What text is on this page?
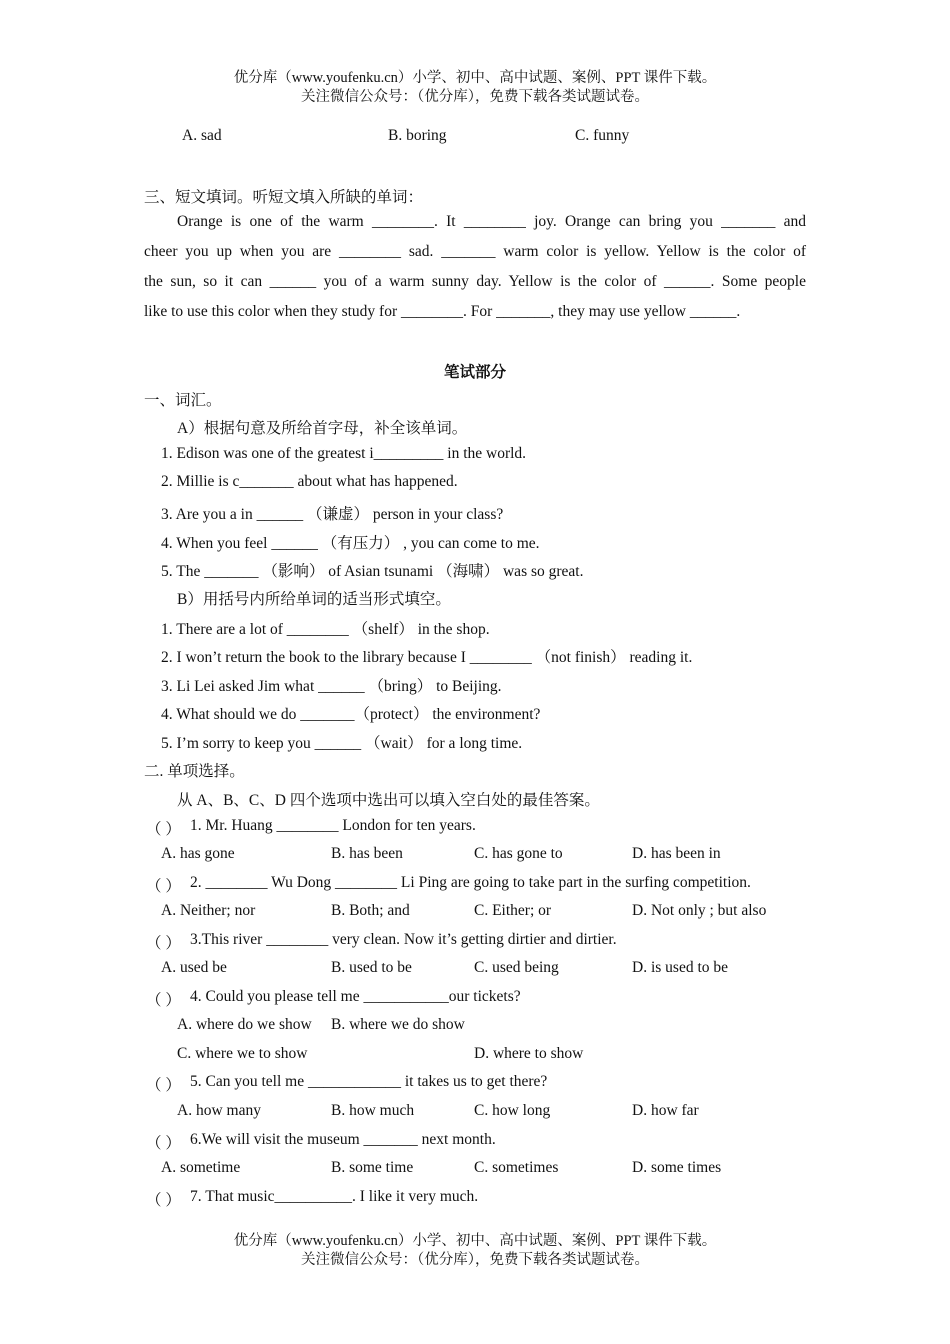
优分库（www.youfenku.cn）小学、初中、高中试题、案例、PPT 课件下载。
关注微信公众号：（优分库），免费下载各类试题试卷。
A. sad	B. boring	C. funny
三、短文填词。听短文填入所缺的单词：
Orange is one of the warm ________. It ________ joy. Orange can bring you _______ and
cheer you up when you are ________ sad. _______ warm color is yellow. Yellow is the color of
the sun, so it can ______ you of a warm sunny day. Yellow is the color of ______. Some people
like to use this color when they study for ________. For _______, they may use yellow ______.
笔试部分
一、词汇。
A）根据句意及所给首字母，补全该单词。
1. Edison was one of the greatest i_________ in the world.
2. Millie is c_______ about what has happened.
3. Are you a in ______ （谦虚） person in your class?
4. When you feel ______ （有压力） , you can come to me.
5. The _______ （影响） of Asian tsunami （海啸） was so great.
B）用括号内所给单词的适当形式填空。
1. There are a lot of ________ （shelf） in the shop.
2. I won’t return the book to the library because I ________ （not finish） reading it.
3. Li Lei asked Jim what ______ （bring） to Beijing.
4. What should we do _______（protect） the environment?
5. I’m sorry to keep you ______ （wait） for a long time.
二. 单项选择。
从 A、B、C、D 四个选项中选出可以填入空白处的最佳答案。
（ ） 1. Mr. Huang ________ London for ten years.
A. has gone	B. has been	C. has gone to	D. has been in
（ ） 2. ________ Wu Dong ________ Li Ping are going to take part in the surfing competition.
A. Neither; nor	B. Both; and	C. Either; or	D. Not only ; but also
（ ） 3.This river ________ very clean. Now it’s getting dirtier and dirtier.
A. used be	B. used to be	C. used being	D. is used to be
（ ） 4. Could you please tell me ___________our tickets?
A. where do we show B. where we do show
C. where we to show	D. where to show
（ ） 5. Can you tell me ____________ it takes us to get there?
A. how many	B. how much	C. how long	D. how far
（ ） 6.We will visit the museum _______ next month.
A. sometime	B. some time	C. sometimes	D. some times
（ ） 7. That music__________. I like it very much.
优分库（www.youfenku.cn）小学、初中、高中试题、案例、PPT 课件下载。
关注微信公众号：（优分库），免费下载各类试题试卷。
